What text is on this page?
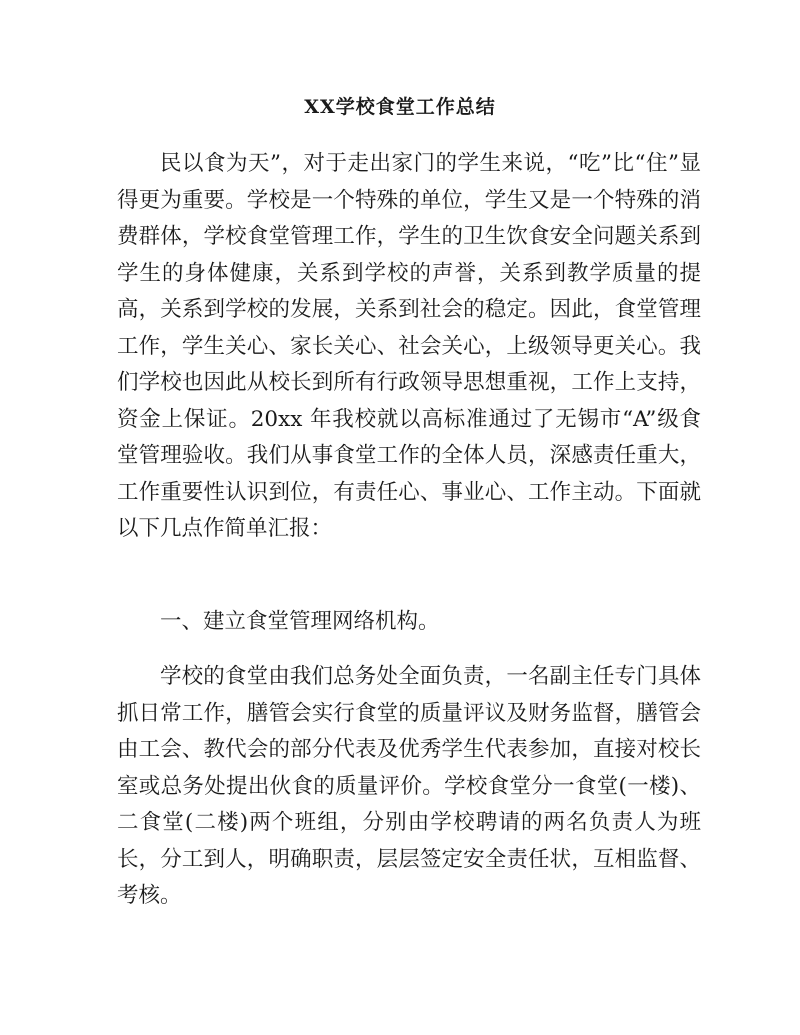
XX学校食堂工作总结

民以食为天”，对于走出家门的学生来说，“吃”比“住”显得更为重要。学校是一个特殊的单位，学生又是一个特殊的消费群体，学校食堂管理工作，学生的卫生饮食安全问题关系到学生的身体健康，关系到学校的声誉，关系到教学质量的提高，关系到学校的发展，关系到社会的稳定。因此，食堂管理工作，学生关心、家长关心、社会关心，上级领导更关心。我们学校也因此从校长到所有行政领导思想重视，工作上支持，资金上保证。20xx 年我校就以高标准通过了无锡市“A”级食堂管理验收。我们从事食堂工作的全体人员，深感责任重大，工作重要性认识到位，有责任心、事业心、工作主动。下面就以下几点作简单汇报：

一、建立食堂管理网络机构。

学校的食堂由我们总务处全面负责，一名副主任专门具体抓日常工作，膳管会实行食堂的质量评议及财务监督，膳管会由工会、教代会的部分代表及优秀学生代表参加，直接对校长室或总务处提出伙食的质量评价。学校食堂分一食堂(一楼)、二食堂(二楼)两个班组，分别由学校聘请的两名负责人为班长，分工到人，明确职责，层层签定安全责任状，互相监督、考核。
